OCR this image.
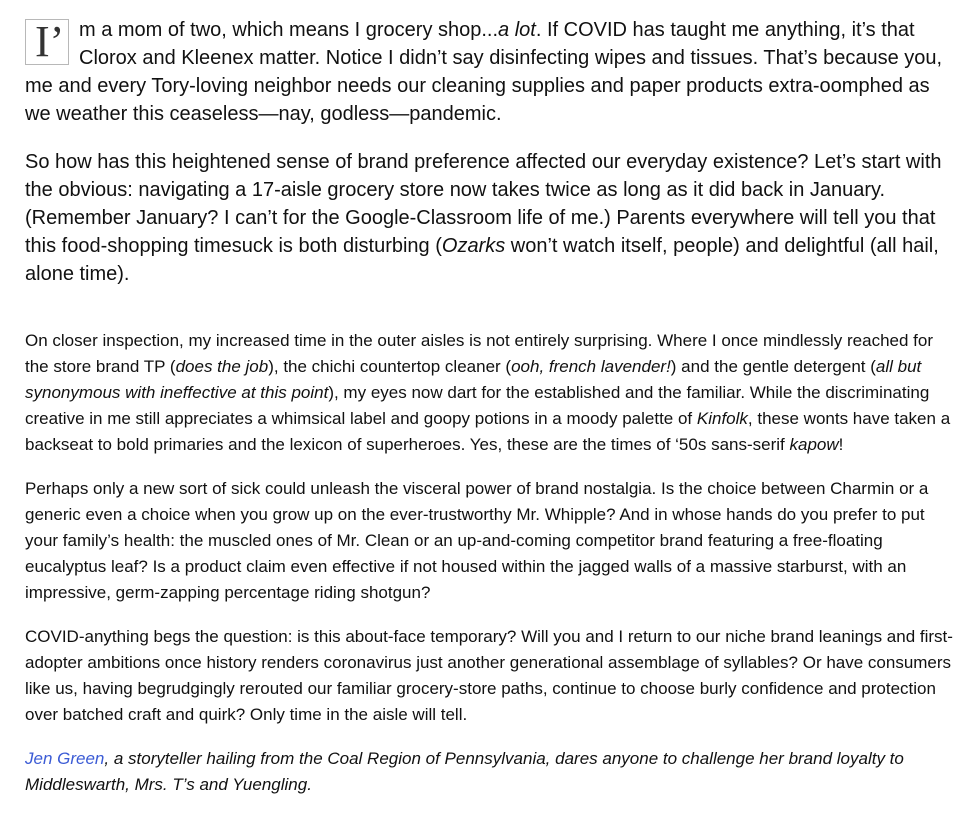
I’ m a mom of two, which means I grocery shop...a lot. If COVID has taught me anything, it’s that Clorox and Kleenex matter. Notice I didn’t say disinfecting wipes and tissues. That’s because you, me and every Tory-loving neighbor needs our cleaning supplies and paper products extra-oomphed as we weather this ceaseless—nay, godless—pandemic.

So how has this heightened sense of brand preference affected our everyday existence? Let’s start with the obvious: navigating a 17-aisle grocery store now takes twice as long as it did back in January. (Remember January? I can’t for the Google-Classroom life of me.) Parents everywhere will tell you that this food-shopping timesuck is both disturbing (Ozarks won’t watch itself, people) and delightful (all hail, alone time).

On closer inspection, my increased time in the outer aisles is not entirely surprising. Where I once mindlessly reached for the store brand TP (does the job), the chichi countertop cleaner (ooh, french lavender!) and the gentle detergent (all but synonymous with ineffective at this point), my eyes now dart for the established and the familiar. While the discriminating creative in me still appreciates a whimsical label and goopy potions in a moody palette of Kinfolk, these wonts have taken a backseat to bold primaries and the lexicon of superheroes. Yes, these are the times of ‘50s sans-serif kapow!

Perhaps only a new sort of sick could unleash the visceral power of brand nostalgia. Is the choice between Charmin or a generic even a choice when you grow up on the ever-trustworthy Mr. Whipple? And in whose hands do you prefer to put your family’s health: the muscled ones of Mr. Clean or an up-and-coming competitor brand featuring a free-floating eucalyptus leaf? Is a product claim even effective if not housed within the jagged walls of a massive starburst, with an impressive, germ-zapping percentage riding shotgun?

COVID-anything begs the question: is this about-face temporary? Will you and I return to our niche brand leanings and first-adopter ambitions once history renders coronavirus just another generational assemblage of syllables? Or have consumers like us, having begrudgingly rerouted our familiar grocery-store paths, continue to choose burly confidence and protection over batched craft and quirk? Only time in the aisle will tell.

Jen Green, a storyteller hailing from the Coal Region of Pennsylvania, dares anyone to challenge her brand loyalty to Middleswarth, Mrs. T’s and Yuengling.
